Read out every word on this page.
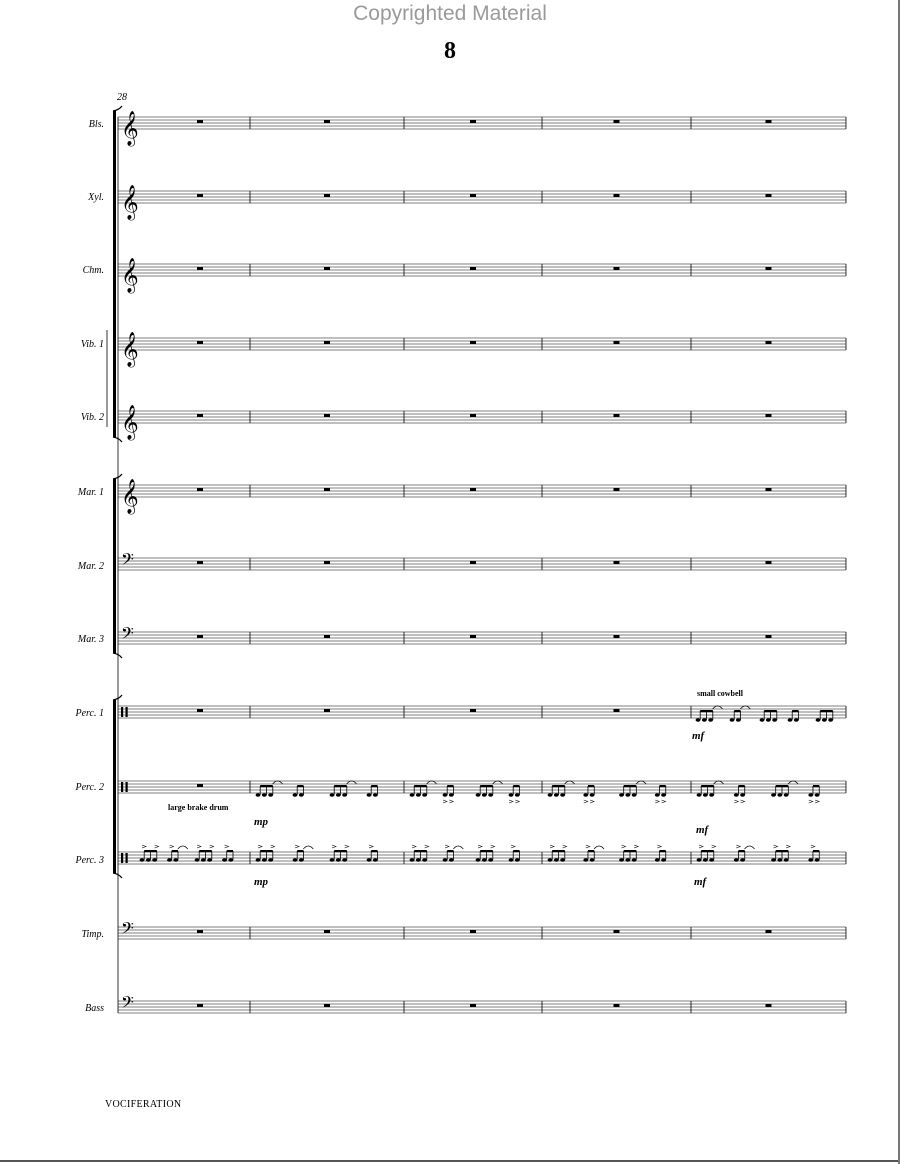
Copyrighted Material
8
28
Bls.
Xyl.
Chm.
Vib. 1
Vib. 2
Mar. 1
Mar. 2
Mar. 3
Perc. 1
Perc. 2
Perc. 3
Timp.
Bass
𝄞
𝄞
𝄞
𝄞
𝄞
𝄞
𝄢
𝄢
𝄢
𝄢
small cowbell
mf
large brake drum
mp
mf
mp	mf
VOCIFERATION
